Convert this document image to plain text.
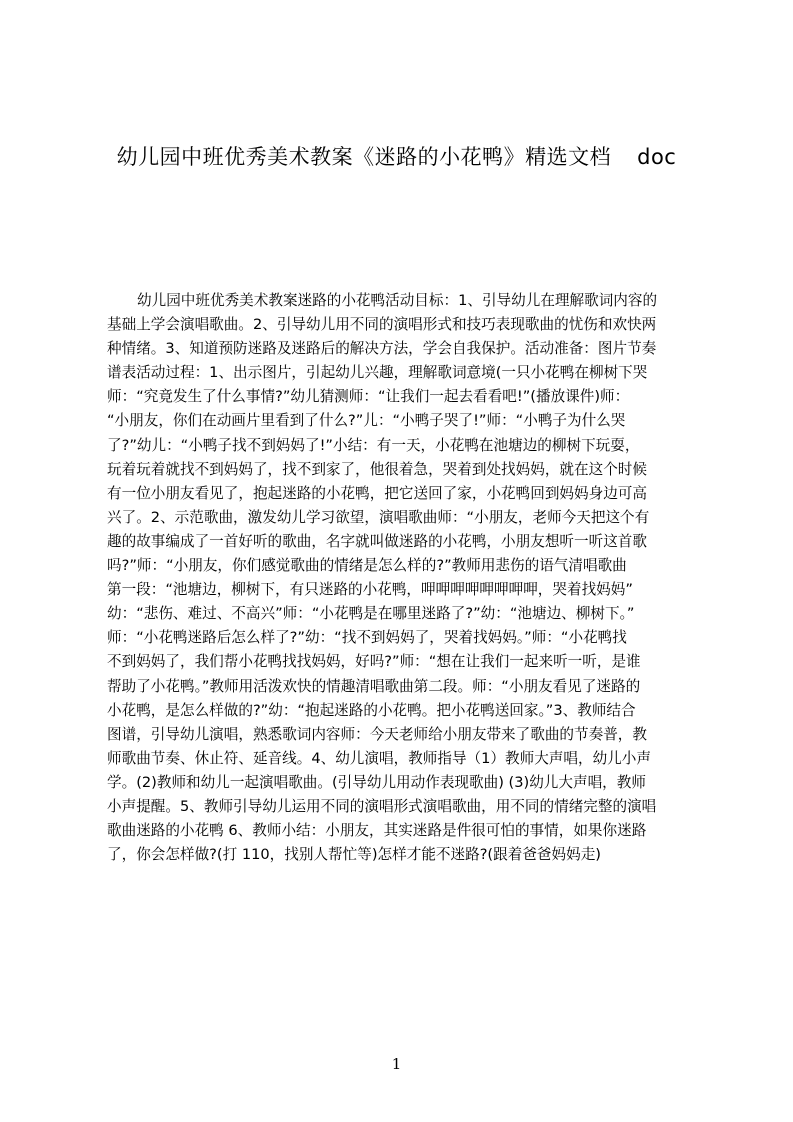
幼儿园中班优秀美术教案《迷路的小花鸭》精选文档 doc
幼儿园中班优秀美术教案迷路的小花鸭活动目标：1、引导幼儿在理解歌词内容的
基础上学会演唱歌曲。2、引导幼儿用不同的演唱形式和技巧表现歌曲的忧伤和欢快两
种情绪。3、知道预防迷路及迷路后的解决方法，学会自我保护。活动准备：图片节奏
谱表活动过程：1、出示图片，引起幼儿兴趣，理解歌词意境(一只小花鸭在柳树下哭
师：“究竟发生了什么事情?”幼儿猜测师：“让我们一起去看看吧!”(播放课件)师：
“小朋友，你们在动画片里看到了什么?”儿：“小鸭子哭了!”师：“小鸭子为什么哭
了?”幼儿：“小鸭子找不到妈妈了!”小结：有一天，小花鸭在池塘边的柳树下玩耍，
玩着玩着就找不到妈妈了，找不到家了，他很着急，哭着到处找妈妈，就在这个时候
有一位小朋友看见了，抱起迷路的小花鸭，把它送回了家，小花鸭回到妈妈身边可高
兴了。2、示范歌曲，激发幼儿学习欲望，演唱歌曲师：“小朋友，老师今天把这个有
趣的故事编成了一首好听的歌曲，名字就叫做迷路的小花鸭，小朋友想听一听这首歌
吗?”师：“小朋友，你们感觉歌曲的情绪是怎么样的?”教师用悲伤的语气清唱歌曲
第一段：“池塘边，柳树下，有只迷路的小花鸭，呷呷呷呷呷呷呷呷，哭着找妈妈”
幼：“悲伤、难过、不高兴”师：“小花鸭是在哪里迷路了?”幼：“池塘边、柳树下。”
师：“小花鸭迷路后怎么样了?”幼：“找不到妈妈了，哭着找妈妈。”师：“小花鸭找
不到妈妈了，我们帮小花鸭找找妈妈，好吗?”师：“想在让我们一起来听一听，是谁
帮助了小花鸭。”教师用活泼欢快的情趣清唱歌曲第二段。师：“小朋友看见了迷路的
小花鸭，是怎么样做的?”幼：“抱起迷路的小花鸭。把小花鸭送回家。”3、教师结合
图谱，引导幼儿演唱，熟悉歌词内容师：今天老师给小朋友带来了歌曲的节奏普，教
师歌曲节奏、休止符、延音线。4、幼儿演唱，教师指导（1）教师大声唱，幼儿小声
学。(2)教师和幼儿一起演唱歌曲。(引导幼儿用动作表现歌曲) (3)幼儿大声唱，教师
小声提醒。5、教师引导幼儿运用不同的演唱形式演唱歌曲，用不同的情绪完整的演唱
歌曲迷路的小花鸭 6、教师小结：小朋友，其实迷路是件很可怕的事情，如果你迷路
了，你会怎样做?(打 110，找别人帮忙等)怎样才能不迷路?(跟着爸爸妈妈走)
1
